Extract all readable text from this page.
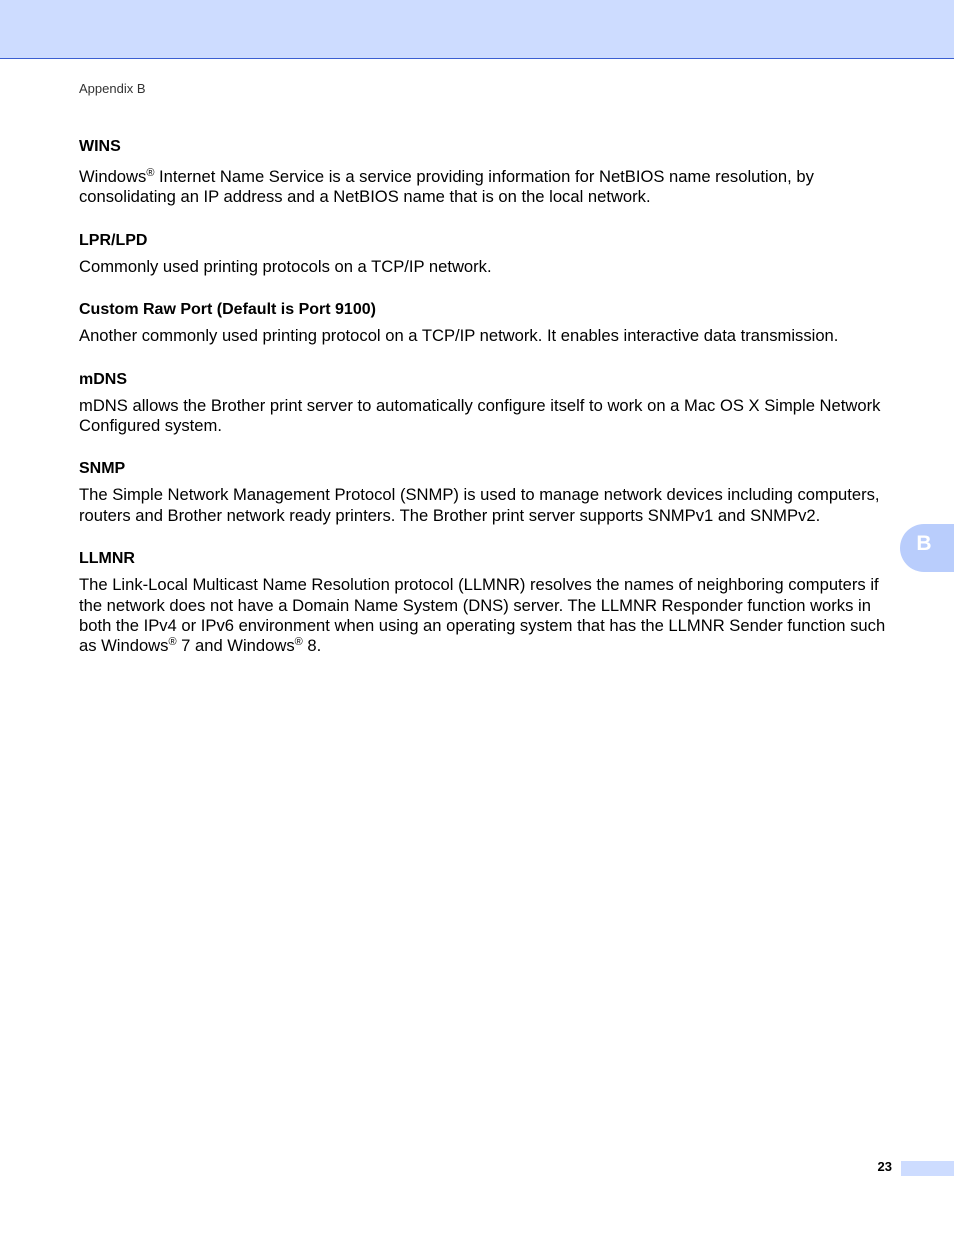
Appendix B
WINS

Windows® Internet Name Service is a service providing information for NetBIOS name resolution, by consolidating an IP address and a NetBIOS name that is on the local network.

LPR/LPD

Commonly used printing protocols on a TCP/IP network.

Custom Raw Port (Default is Port 9100)

Another commonly used printing protocol on a TCP/IP network. It enables interactive data transmission.

mDNS

mDNS allows the Brother print server to automatically configure itself to work on a Mac OS X Simple Network Configured system.

SNMP

The Simple Network Management Protocol (SNMP) is used to manage network devices including computers, routers and Brother network ready printers. The Brother print server supports SNMPv1 and SNMPv2.

LLMNR

The Link-Local Multicast Name Resolution protocol (LLMNR) resolves the names of neighboring computers if the network does not have a Domain Name System (DNS) server. The LLMNR Responder function works in both the IPv4 or IPv6 environment when using an operating system that has the LLMNR Sender function such as Windows® 7 and Windows® 8.

B
23
